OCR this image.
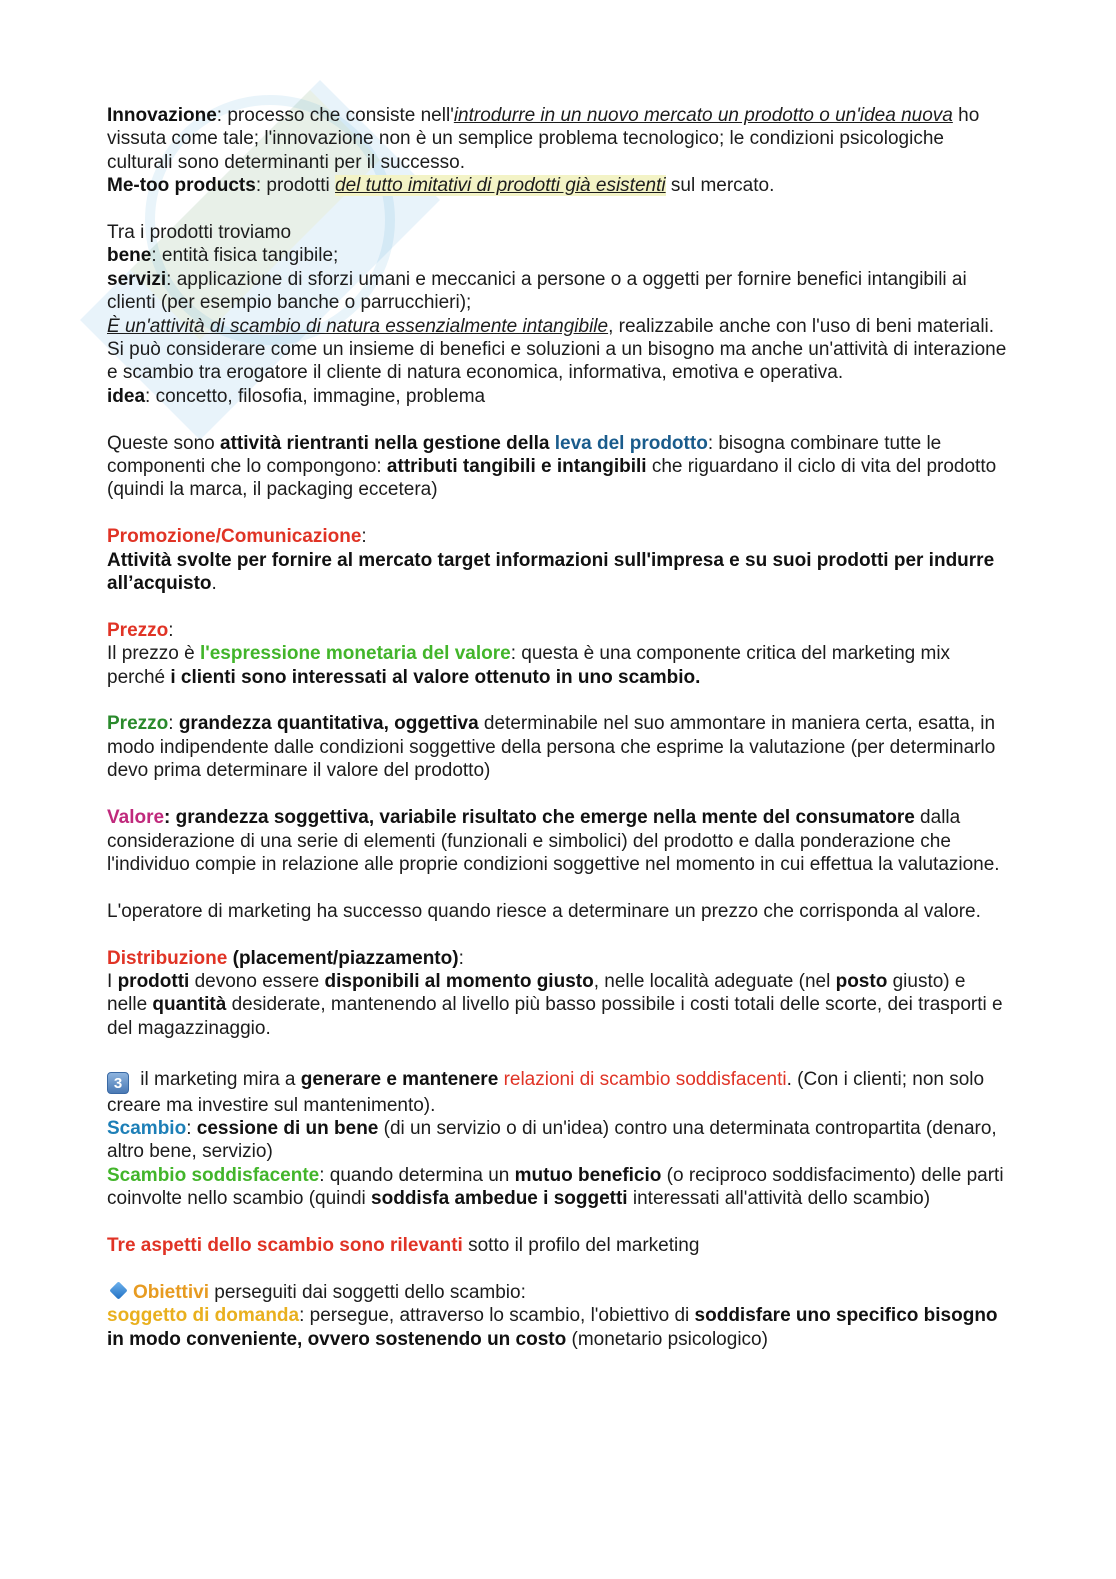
Innovazione: processo che consiste nell'introdurre in un nuovo mercato un prodotto o un'idea nuova ho vissuta come tale; l'innovazione non è un semplice problema tecnologico; le condizioni psicologiche culturali sono determinanti per il successo.

Me-too products: prodotti del tutto imitativi di prodotti già esistenti sul mercato.

Tra i prodotti troviamo

bene: entità fisica tangibile;

servizi: applicazione di sforzi umani e meccanici a persone o a oggetti per fornire benefici intangibili ai clienti (per esempio banche o parrucchieri);

È un'attività di scambio di natura essenzialmente intangibile, realizzabile anche con l'uso di beni materiali. Si può considerare come un insieme di benefici e soluzioni a un bisogno ma anche un'attività di interazione e scambio tra erogatore il cliente di natura economica, informativa, emotiva e operativa.

idea: concetto, filosofia, immagine, problema

Queste sono attività rientranti nella gestione della leva del prodotto: bisogna combinare tutte le componenti che lo compongono: attributi tangibili e intangibili che riguardano il ciclo di vita del prodotto (quindi la marca, il packaging eccetera)

Promozione/Comunicazione:

Attività svolte per fornire al mercato target informazioni sull'impresa e su suoi prodotti per indurre all’acquisto.

Prezzo:

Il prezzo è l'espressione monetaria del valore: questa è una componente critica del marketing mix perché i clienti sono interessati al valore ottenuto in uno scambio.

Prezzo: grandezza quantitativa, oggettiva determinabile nel suo ammontare in maniera certa, esatta, in modo indipendente dalle condizioni soggettive della persona che esprime la valutazione (per determinarlo devo prima determinare il valore del prodotto)

Valore: grandezza soggettiva, variabile risultato che emerge nella mente del consumatore dalla considerazione di una serie di elementi (funzionali e simbolici) del prodotto e dalla ponderazione che l'individuo compie in relazione alle proprie condizioni soggettive nel momento in cui effettua la valutazione.

L'operatore di marketing ha successo quando riesce a determinare un prezzo che corrisponda al valore.

Distribuzione (placement/piazzamento):

I prodotti devono essere disponibili al momento giusto, nelle località adeguate (nel posto giusto) e nelle quantità desiderate, mantenendo al livello più basso possibile i costi totali delle scorte, dei trasporti e del magazzinaggio.

3 il marketing mira a generare e mantenere relazioni di scambio soddisfacenti. (Con i clienti; non solo creare ma investire sul mantenimento).

Scambio: cessione di un bene (di un servizio o di un'idea) contro una determinata contropartita (denaro, altro bene, servizio)

Scambio soddisfacente: quando determina un mutuo beneficio (o reciproco soddisfacimento) delle parti coinvolte nello scambio (quindi soddisfa ambedue i soggetti interessati all'attività dello scambio)

Tre aspetti dello scambio sono rilevanti sotto il profilo del marketing

Obiettivi perseguiti dai soggetti dello scambio:

soggetto di domanda: persegue, attraverso lo scambio, l'obiettivo di soddisfare uno specifico bisogno in modo conveniente, ovvero sostenendo un costo (monetario psicologico)
